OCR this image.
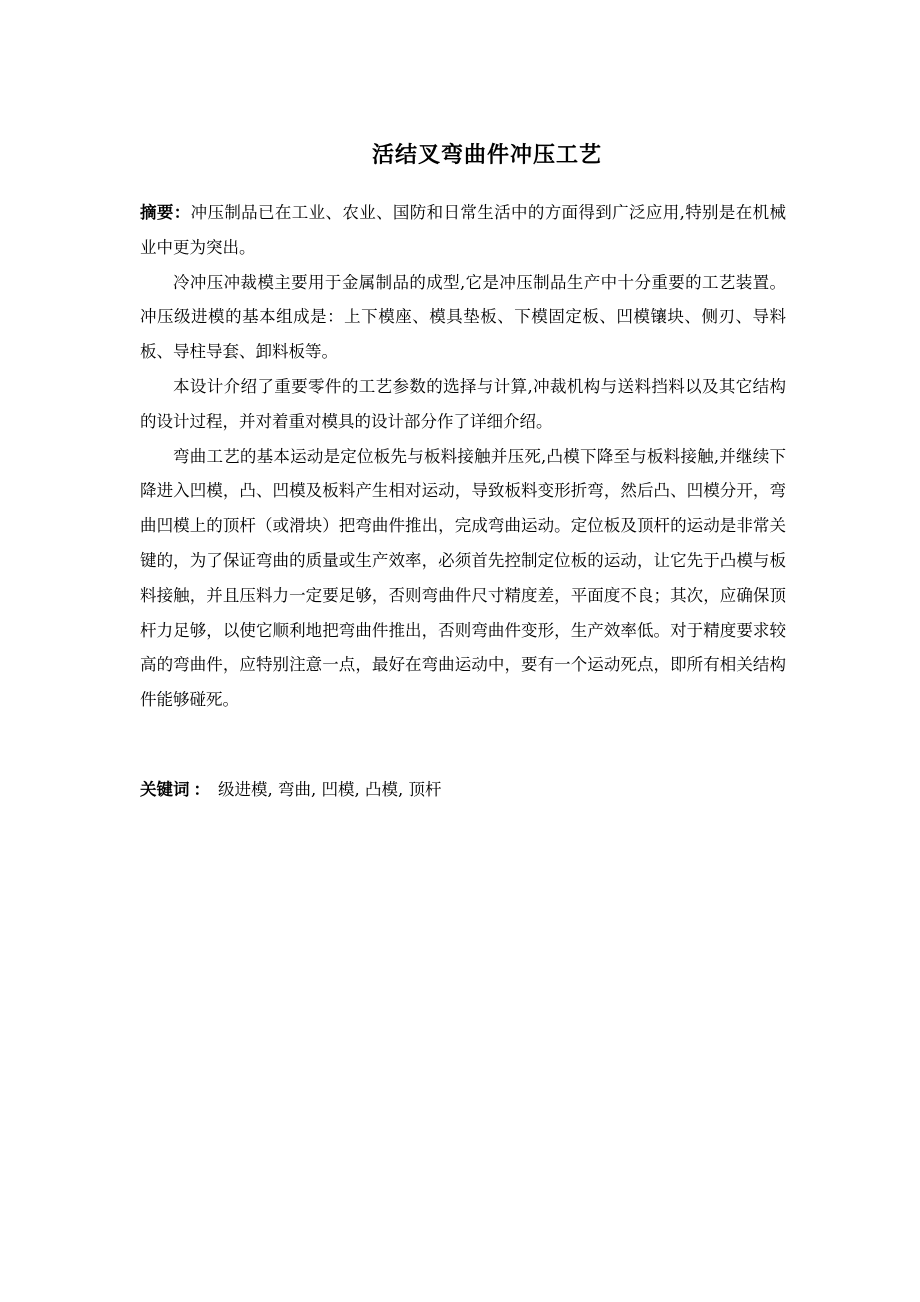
活结叉弯曲件冲压工艺

摘要：冲压制品已在工业、农业、国防和日常生活中的方面得到广泛应用,特别是在机械业中更为突出。

冷冲压冲裁模主要用于金属制品的成型,它是冲压制品生产中十分重要的工艺装置。冲压级进模的基本组成是：上下模座、模具垫板、下模固定板、凹模镶块、侧刃、导料板、导柱导套、卸料板等。

本设计介绍了重要零件的工艺参数的选择与计算,冲裁机构与送料挡料以及其它结构的设计过程，并对着重对模具的设计部分作了详细介绍。

弯曲工艺的基本运动是定位板先与板料接触并压死,凸模下降至与板料接触,并继续下降进入凹模，凸、凹模及板料产生相对运动，导致板料变形折弯，然后凸、凹模分开，弯曲凹模上的顶杆（或滑块）把弯曲件推出，完成弯曲运动。定位板及顶杆的运动是非常关键的，为了保证弯曲的质量或生产效率，必须首先控制定位板的运动，让它先于凸模与板料接触，并且压料力一定要足够，否则弯曲件尺寸精度差，平面度不良；其次，应确保顶杆力足够，以使它顺利地把弯曲件推出，否则弯曲件变形，生产效率低。对于精度要求较高的弯曲件，应特别注意一点，最好在弯曲运动中，要有一个运动死点，即所有相关结构件能够碰死。

关键词 ： 级进模, 弯曲, 凹模, 凸模, 顶杆
